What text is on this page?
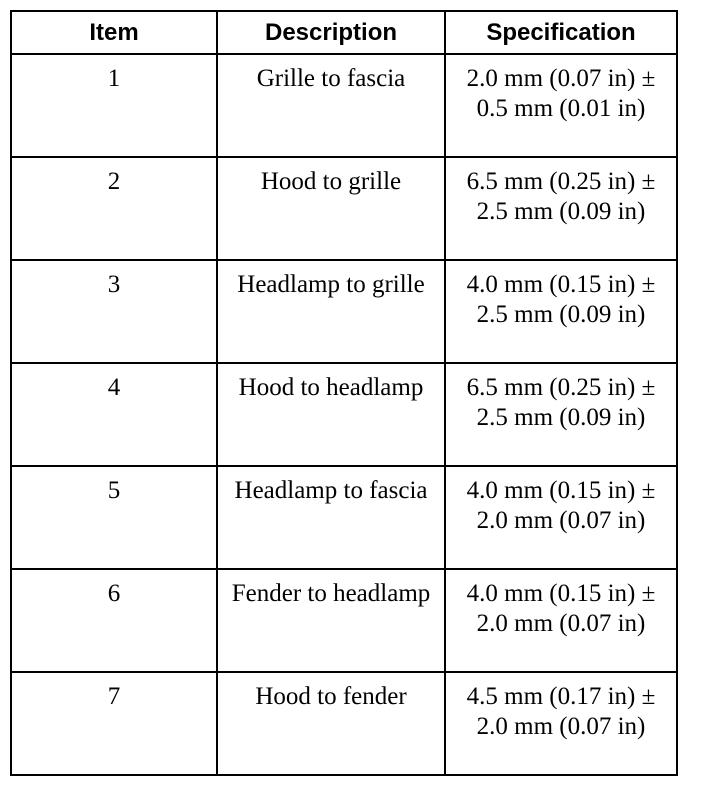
Item	Description	Specification
1	Grille to fascia	2.0 mm (0.07 in) ± 0.5 mm (0.01 in)
2	Hood to grille	6.5 mm (0.25 in) ± 2.5 mm (0.09 in)
3	Headlamp to grille	4.0 mm (0.15 in) ± 2.5 mm (0.09 in)
4	Hood to headlamp	6.5 mm (0.25 in) ± 2.5 mm (0.09 in)
5	Headlamp to fascia	4.0 mm (0.15 in) ± 2.0 mm (0.07 in)
6	Fender to headlamp	4.0 mm (0.15 in) ± 2.0 mm (0.07 in)
7	Hood to fender	4.5 mm (0.17 in) ± 2.0 mm (0.07 in)
